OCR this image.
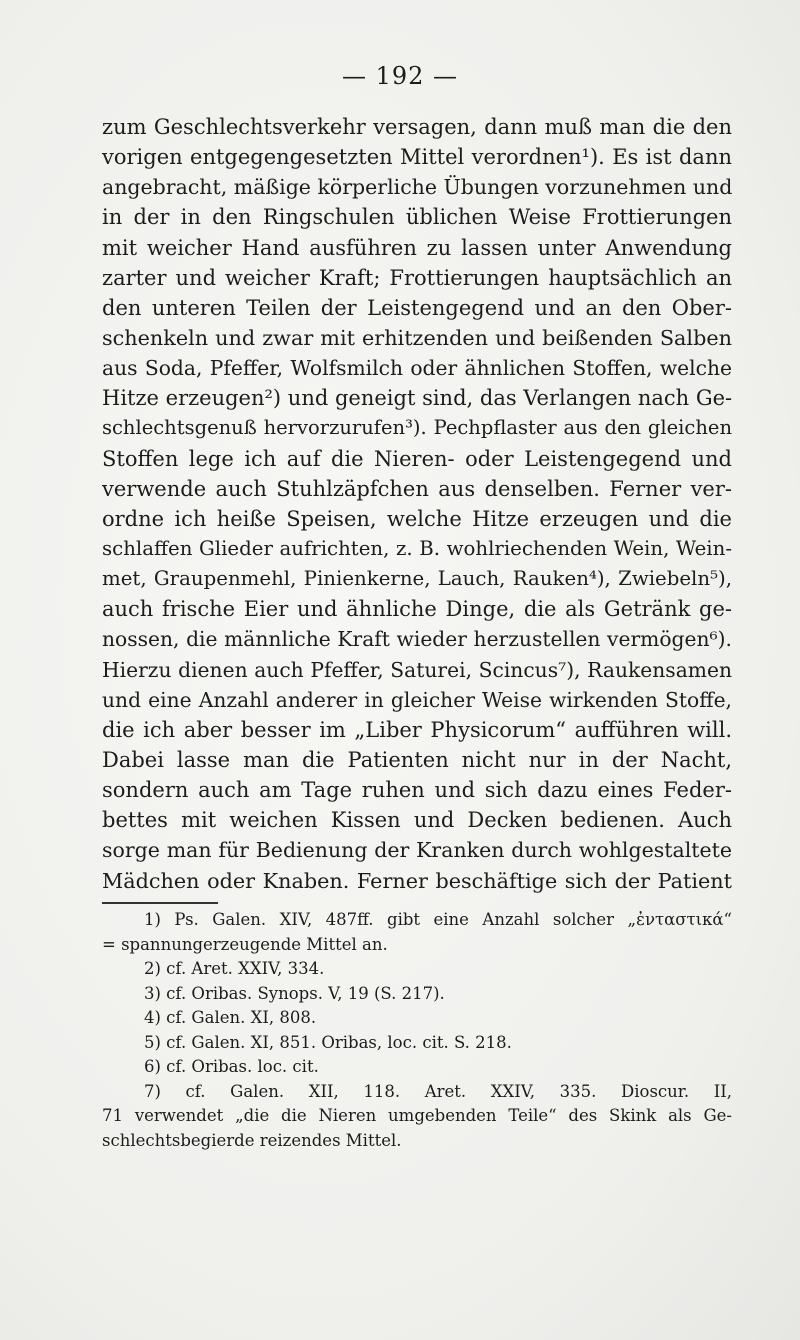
— 192 —
zum Geschlechtsverkehr versagen, dann muß man die den
vorigen entgegengesetzten Mittel verordnen¹). Es ist dann
angebracht, mäßige körperliche Übungen vorzunehmen und
in der in den Ringschulen üblichen Weise Frottierungen
mit weicher Hand ausführen zu lassen unter Anwendung
zarter und weicher Kraft; Frottierungen hauptsächlich an
den unteren Teilen der Leistengegend und an den Ober-
schenkeln und zwar mit erhitzenden und beißenden Salben
aus Soda, Pfeffer, Wolfsmilch oder ähnlichen Stoffen, welche
Hitze erzeugen²) und geneigt sind, das Verlangen nach Ge-
schlechtsgenuß hervorzurufen³). Pechpflaster aus den gleichen
Stoffen lege ich auf die Nieren- oder Leistengegend und
verwende auch Stuhlzäpfchen aus denselben. Ferner ver-
ordne ich heiße Speisen, welche Hitze erzeugen und die
schlaffen Glieder aufrichten, z. B. wohlriechenden Wein, Wein-
met, Graupenmehl, Pinienkerne, Lauch, Rauken⁴), Zwiebeln⁵),
auch frische Eier und ähnliche Dinge, die als Getränk ge-
nossen, die männliche Kraft wieder herzustellen vermögen⁶).
Hierzu dienen auch Pfeffer, Saturei, Scincus⁷), Raukensamen
und eine Anzahl anderer in gleicher Weise wirkenden Stoffe,
die ich aber besser im „Liber Physicorum“ aufführen will.
Dabei lasse man die Patienten nicht nur in der Nacht,
sondern auch am Tage ruhen und sich dazu eines Feder-
bettes mit weichen Kissen und Decken bedienen. Auch
sorge man für Bedienung der Kranken durch wohlgestaltete
Mädchen oder Knaben. Ferner beschäftige sich der Patient
1) Ps. Galen. XIV, 487ff. gibt eine Anzahl solcher „ἐνταστικά“
= spannungerzeugende Mittel an.
2) cf. Aret. XXIV, 334.
3) cf. Oribas. Synops. V, 19 (S. 217).
4) cf. Galen. XI, 808.
5) cf. Galen. XI, 851. Oribas, loc. cit. S. 218.
6) cf. Oribas. loc. cit.
7) cf. Galen. XII, 118. Aret. XXIV, 335. Dioscur. II,
71 verwendet „die die Nieren umgebenden Teile“ des Skink als Ge-
schlechtsbegierde reizendes Mittel.
